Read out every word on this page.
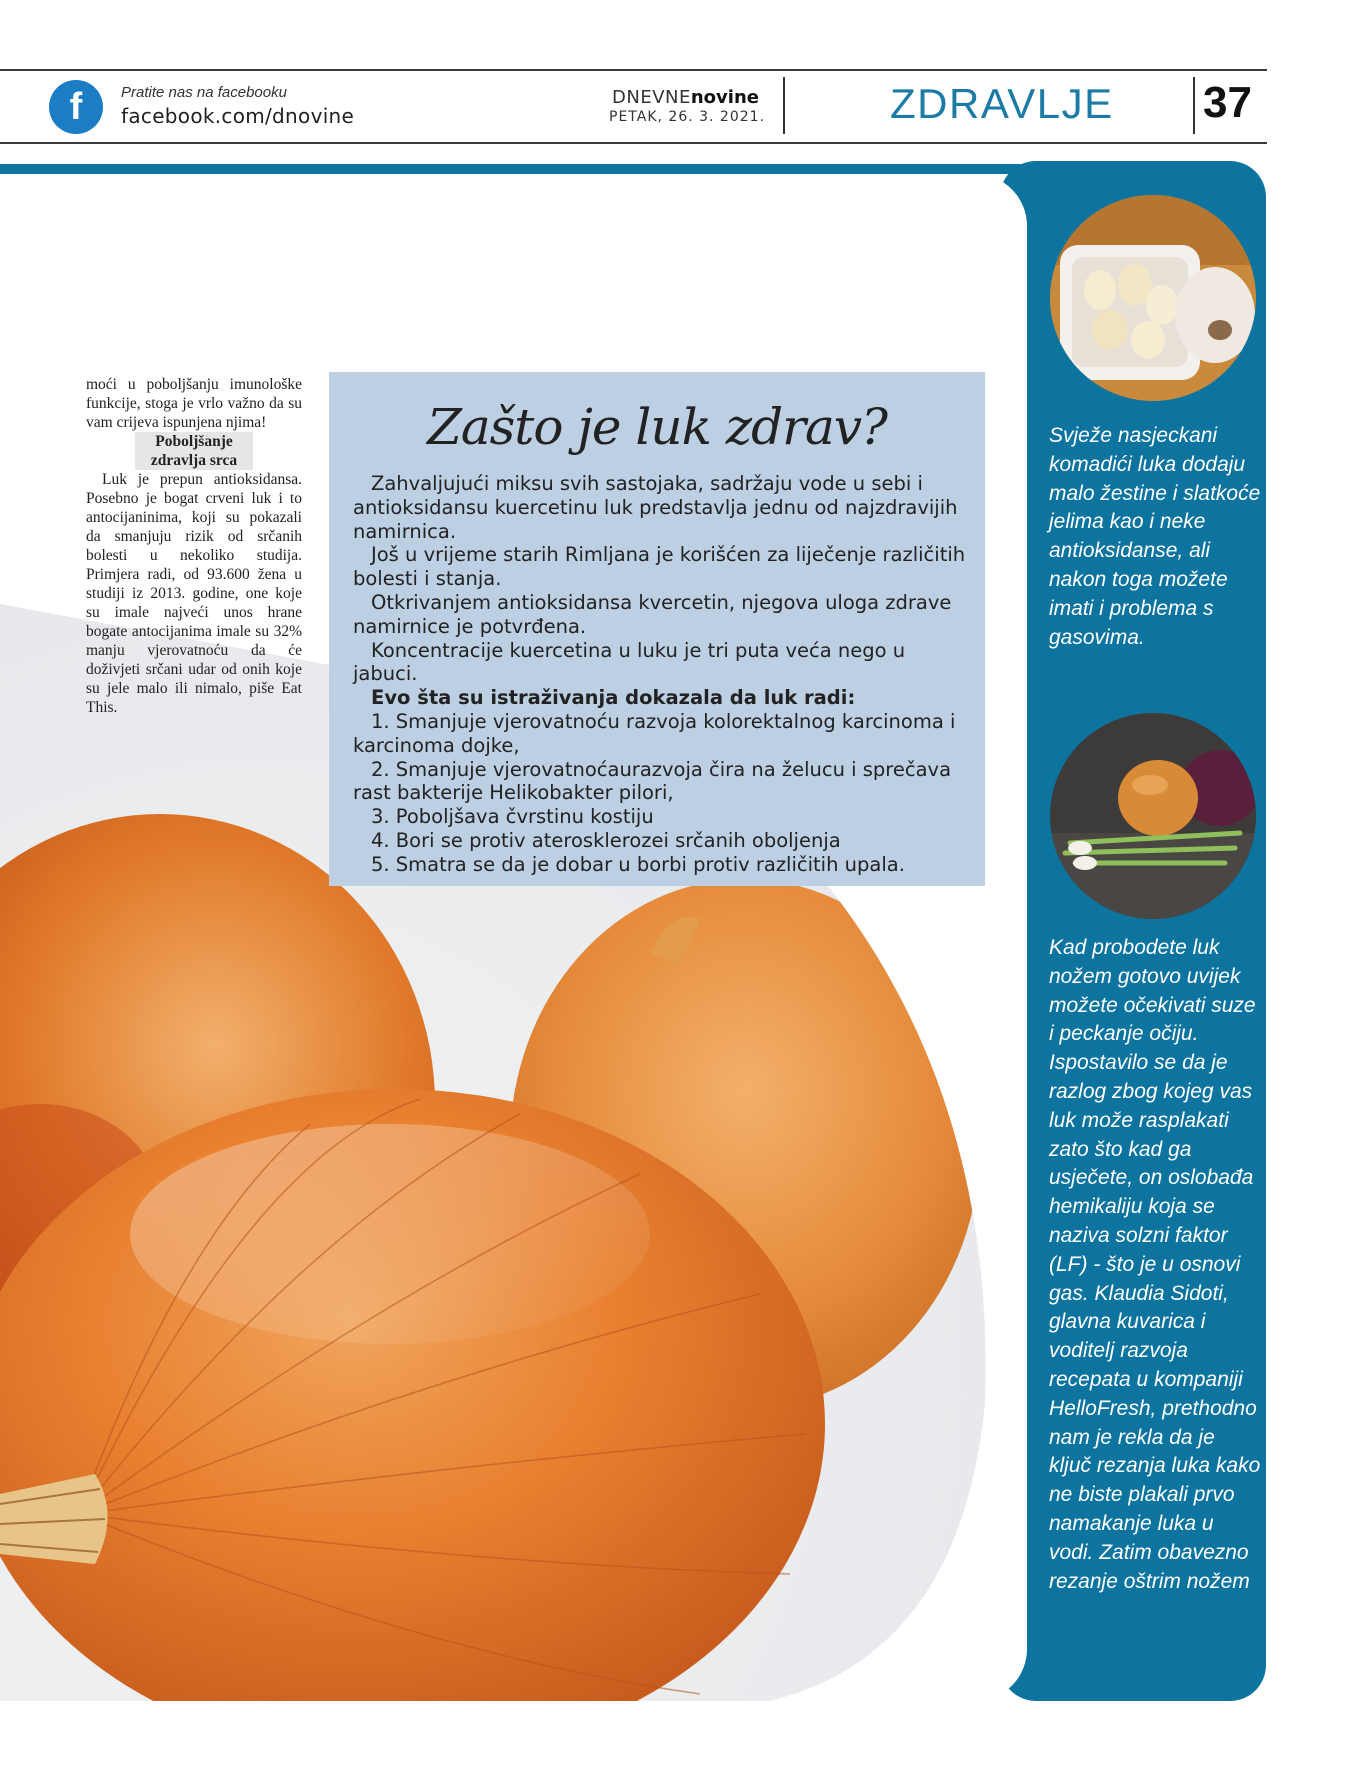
f	Pratite nas na facebooku
facebook.com/dnovine
DNEVNEnovine
PETAK, 26. 3. 2021.	ZDRAVLJE 37

moći u poboljšanju imunološke funkcije, stoga je vrlo važno da su vam crijeva ispunjena njima!

Poboljšanje
zdravlja srca

Luk je prepun antioksidansa. Posebno je bogat crveni luk i to antocijaninima, koji su pokazali da smanjuju rizik od srčanih bolesti u nekoliko studija. Primjera radi, od 93.600 žena u studiji iz 2013. godine, one koje su imale najveći unos hrane bogate antocijanima imale su 32% manju vjerovatnoću da će doživjeti srčani udar od onih koje su jele malo ili nimalo, piše Eat This.

Zašto je luk zdrav?

Zahvaljujući miksu svih sastojaka, sadržaju vode u sebi i antioksidansu kuercetinu luk predstavlja jednu od najzdravijih namirnica.

Još u vrijeme starih Rimljana je korišćen za liječenje različitih bolesti i stanja.

Otkrivanjem antioksidansa kvercetin, njegova uloga zdrave namirnice je potvrđena.

Koncentracije kuercetina u luku je tri puta veća nego u jabuci.

Evo šta su istraživanja dokazala da luk radi:

1. Smanjuje vjerovatnoću razvoja kolorektalnog karcinoma i karcinoma dojke,
2. Smanjuje vjerovatnoćaurazvoja čira na želucu i sprečava rast bakterije Helikobakter pilori,
3. Poboljšava čvrstinu kostiju
4. Bori se protiv aterosklerozei srčanih oboljenja
5. Smatra se da je dobar u borbi protiv različitih upala.
Svježe nasjeckani komadići luka dodaju malo žestine i slatkoće jelima kao i neke antioksidanse, ali nakon toga možete imati i problema s gasovima.
Kad probodete luk nožem gotovo uvijek možete očekivati suze i peckanje očiju. Ispostavilo se da je razlog zbog kojeg vas luk može rasplakati zato što kad ga usječete, on oslobađa hemikaliju koja se naziva solzni faktor (LF) - što je u osnovi gas. Klaudia Sidoti, glavna kuvarica i voditelj razvoja recepata u kompaniji HelloFresh, prethodno nam je rekla da je ključ rezanja luka kako ne biste plakali prvo namakanje luka u vodi. Zatim obavezno rezanje oštrim nožem
